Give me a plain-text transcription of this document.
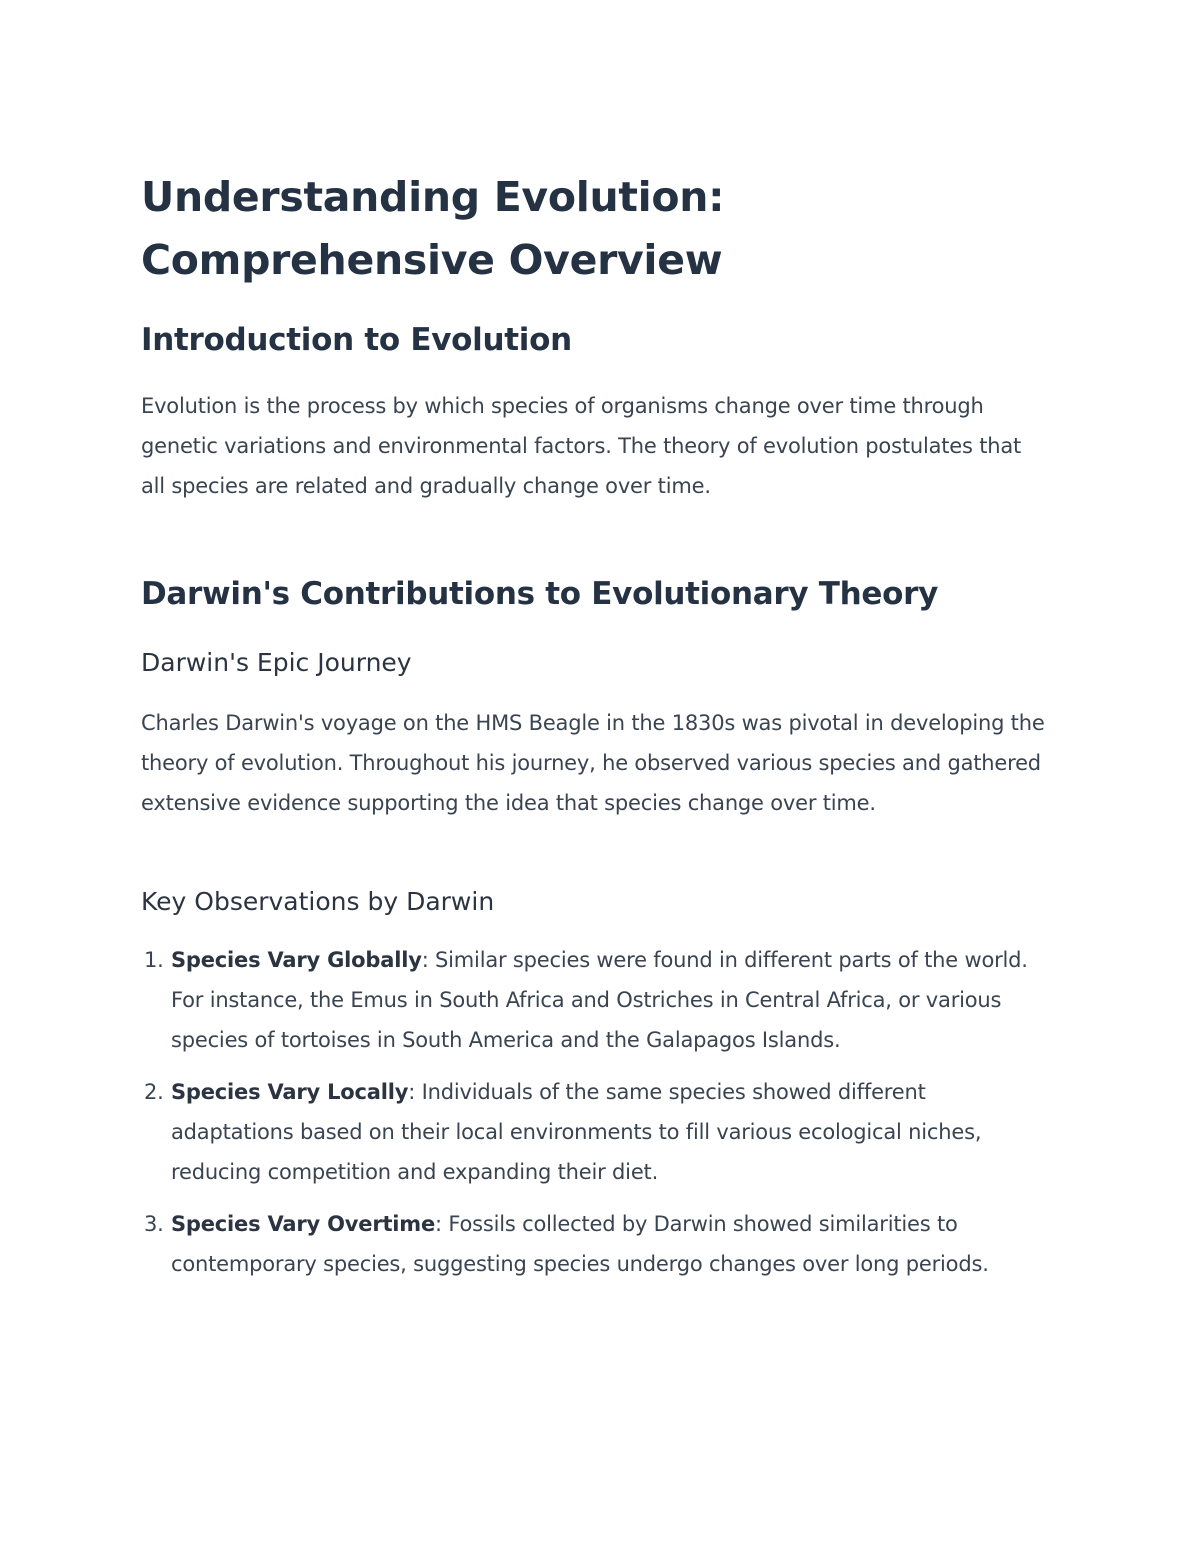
Understanding Evolution: Comprehensive Overview
Introduction to Evolution

Evolution is the process by which species of organisms change over time through genetic variations and environmental factors. The theory of evolution postulates that all species are related and gradually change over time.

Darwin's Contributions to Evolutionary Theory
Darwin's Epic Journey

Charles Darwin's voyage on the HMS Beagle in the 1830s was pivotal in developing the theory of evolution. Throughout his journey, he observed various species and gathered extensive evidence supporting the idea that species change over time.

Key Observations by Darwin
1. Species Vary Globally: Similar species were found in different parts of the world. For instance, the Emus in South Africa and Ostriches in Central Africa, or various species of tortoises in South America and the Galapagos Islands.
2. Species Vary Locally: Individuals of the same species showed different adaptations based on their local environments to fill various ecological niches, reducing competition and expanding their diet.
3. Species Vary Overtime: Fossils collected by Darwin showed similarities to contemporary species, suggesting species undergo changes over long periods.
